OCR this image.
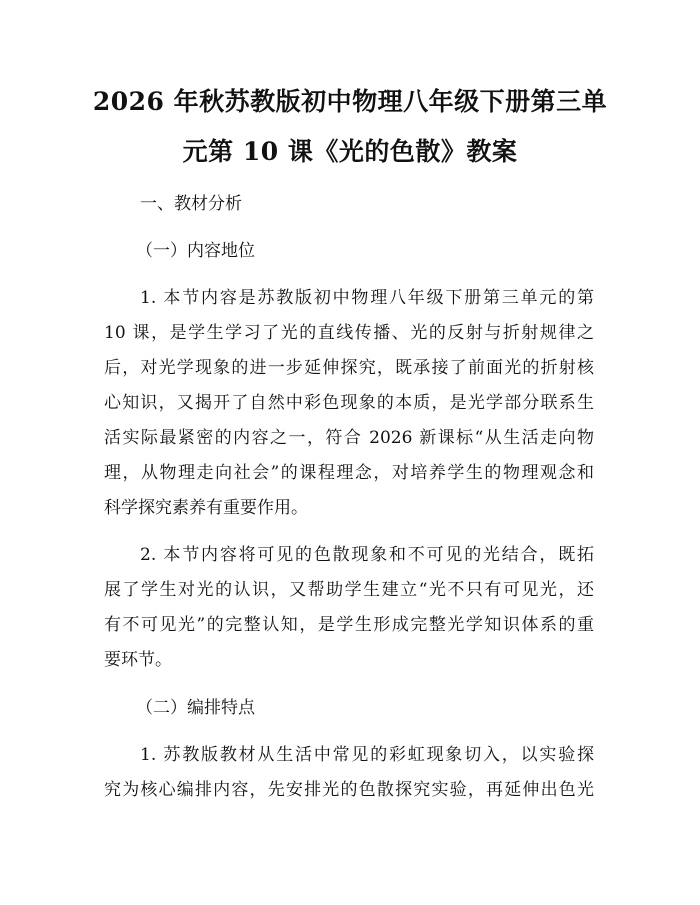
2026 年秋苏教版初中物理八年级下册第三单
元第 10 课《光的色散》教案
一、教材分析
（一）内容地位
1. 本节内容是苏教版初中物理八年级下册第三单元的第
10 课，是学生学习了光的直线传播、光的反射与折射规律之
后，对光学现象的进一步延伸探究，既承接了前面光的折射核
心知识，又揭开了自然中彩色现象的本质，是光学部分联系生
活实际最紧密的内容之一，符合 2026 新课标“从生活走向物
理，从物理走向社会”的课程理念，对培养学生的物理观念和
科学探究素养有重要作用。
2. 本节内容将可见的色散现象和不可见的光结合，既拓
展了学生对光的认识，又帮助学生建立“光不只有可见光，还
有不可见光”的完整认知，是学生形成完整光学知识体系的重
要环节。
（二）编排特点
1. 苏教版教材从生活中常见的彩虹现象切入，以实验探
究为核心编排内容，先安排光的色散探究实验，再延伸出色光
